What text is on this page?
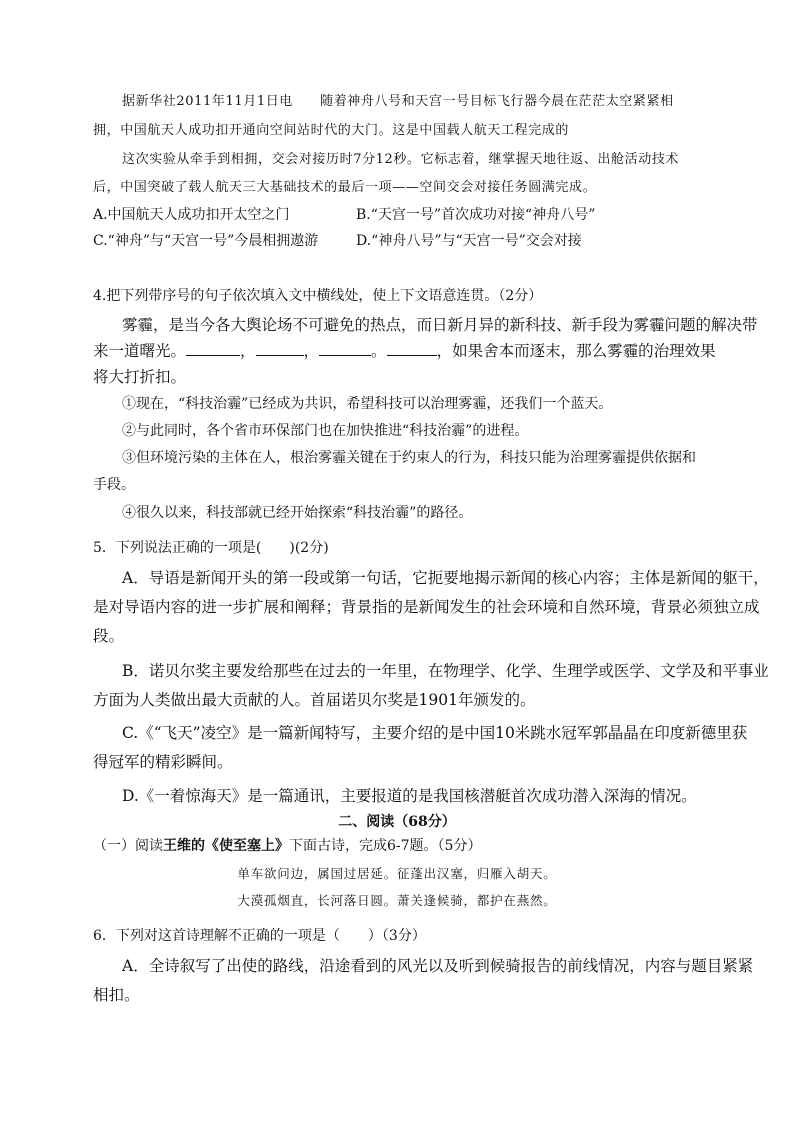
据新华社2011年11月1日电　　随着神舟八号和天宫一号目标飞行器今晨在茫茫太空紧紧相
拥，中国航天人成功扣开通向空间站时代的大门。这是中国载人航天工程完成的
这次实验从牵手到相拥，交会对接历时7分12秒。它标志着，继掌握天地往返、出舱活动技术
后，中国突破了载人航天三大基础技术的最后一项——空间交会对接任务圆满完成。
A.中国航天人成功扣开太空之门	B.“天宫一号”首次成功对接“神舟八号”
C.“神舟”与“天宫一号”今晨相拥遨游	D.“神舟八号”与“天宫一号”交会对接
4.把下列带序号的句子依次填入文中横线处，使上下文语意连贯。（2分）
雾霾，是当今各大舆论场不可避免的热点，而日新月异的新科技、新手段为雾霾问题的解决带
来一道曙光。	，	，	。	，如果舍本而逐末，那么雾霾的治理效果
将大打折扣。
①现在，“科技治霾”已经成为共识，希望科技可以治理雾霾，还我们一个蓝天。
②与此同时，各个省市环保部门也在加快推进“科技治霾”的进程。
③但环境污染的主体在人，根治雾霾关键在于约束人的行为，科技只能为治理雾霾提供依据和
手段。
④很久以来，科技部就已经开始探索“科技治霾”的路径。
5．下列说法正确的一项是(　　)(2分)
A．导语是新闻开头的第一段或第一句话，它扼要地揭示新闻的核心内容；主体是新闻的躯干，
是对导语内容的进一步扩展和阐释；背景指的是新闻发生的社会环境和自然环境，背景必须独立成
段。
B．诺贝尔奖主要发给那些在过去的一年里，在物理学、化学、生理学或医学、文学及和平事业
方面为人类做出最大贡献的人。首届诺贝尔奖是1901年颁发的。
C.《“飞天”凌空》是一篇新闻特写，主要介绍的是中国10米跳水冠军郭晶晶在印度新德里获
得冠军的精彩瞬间。
D.《一着惊海天》是一篇通讯，主要报道的是我国核潜艇首次成功潜入深海的情况。
二、阅读（68分）
（一）阅读王维的《使至塞上》下面古诗，完成6-7题。（5分）
单车欲问边，属国过居延。征蓬出汉塞，归雁入胡天。
大漠孤烟直，长河落日圆。萧关逢候骑，都护在燕然。
6．下列对这首诗理解不正确的一项是（　　）（3分）
A．全诗叙写了出使的路线，沿途看到的风光以及听到候骑报告的前线情况，内容与题目紧紧
相扣。
